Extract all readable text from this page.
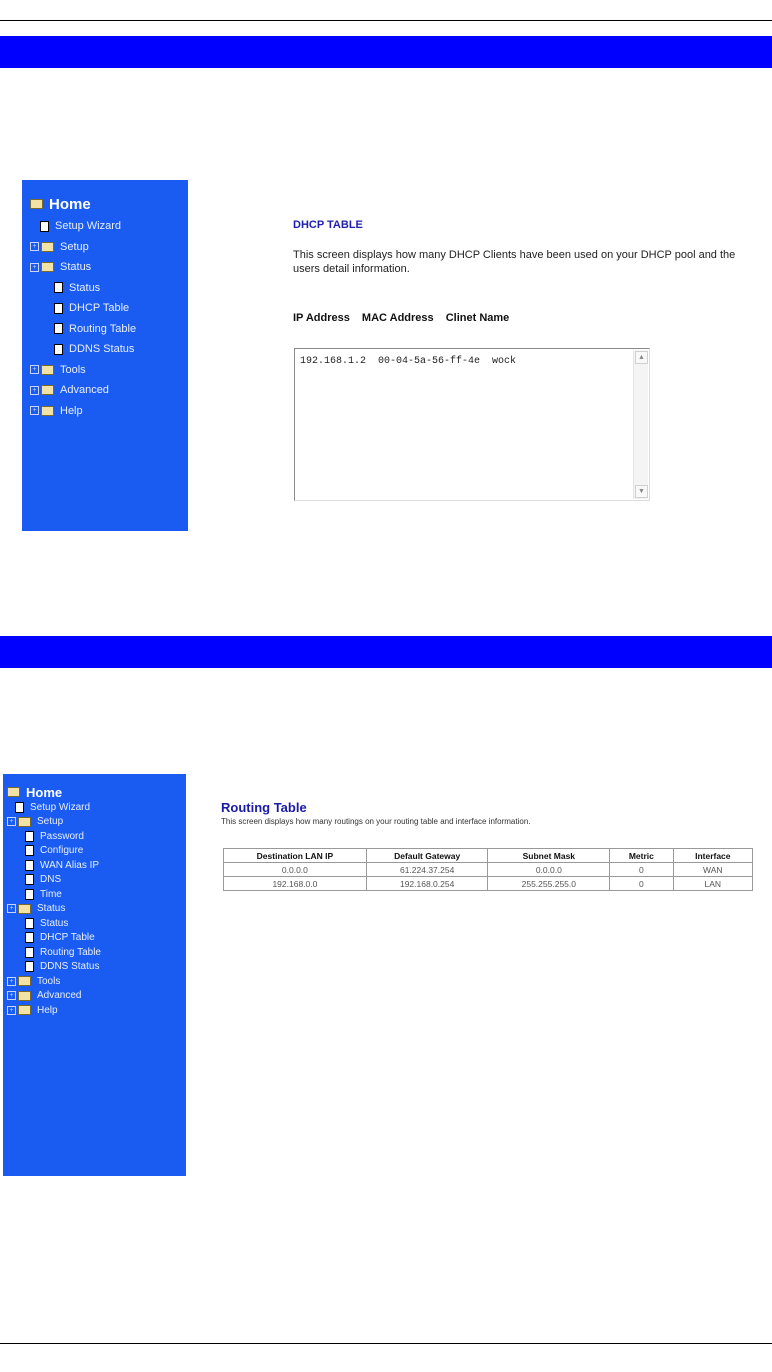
Home
Setup Wizard
+ Setup
+ Status
Status
DHCP Table
Routing Table
DDNS Status
+ Tools
+ Advanced
+ Help
DHCP TABLE
This screen displays how many DHCP Clients have been used on your DHCP pool and the users detail information.
IP Address MAC Address Clinet Name
192.168.1.2  00-04-5a-56-ff-4e  wock	▲
▼
Home
Setup Wizard
+ Setup
Password
Configure
WAN Alias IP
DNS
Time
+ Status
Status
DHCP Table
Routing Table
DDNS Status
+ Tools
+ Advanced
+ Help
Routing Table
This screen displays how many routings on your routing table and interface information.
Destination LAN IP	Default Gateway	Subnet Mask	Metric	Interface
0.0.0.0	61.224.37.254	0.0.0.0	0	WAN
192.168.0.0	192.168.0.254	255.255.255.0	0	LAN
